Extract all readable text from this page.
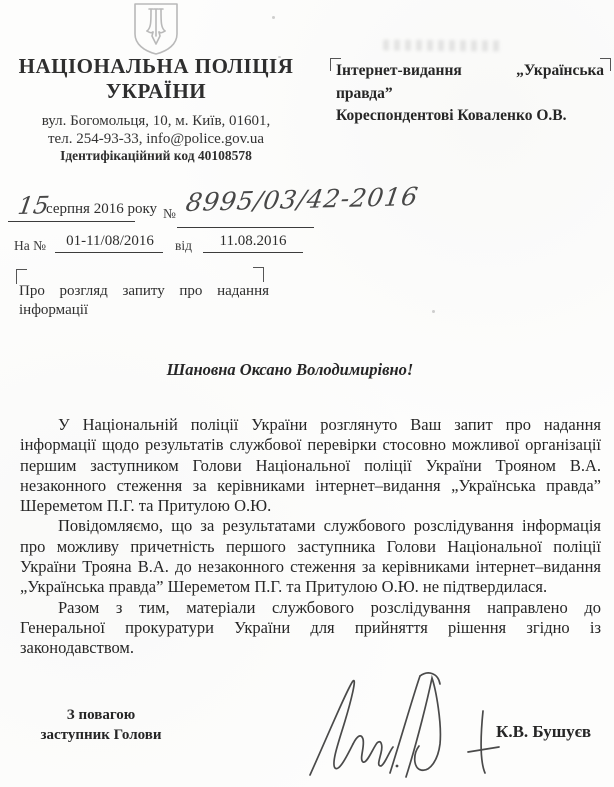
НАЦІОНАЛЬНА ПОЛІЦІЯ
УКРАЇНИ
вул. Богомольця, 10, м. Київ, 01601,
тел. 254-93-33, info@police.gov.ua
Ідентифікаційний код 40108578
Інтернет-видання	„Українська
правда”
Кореспондентові Коваленко О.В.
15
серпня 2016 року № 8995/03/42-2016
На №	01-11/08/2016	від	11.08.2016
Про розгляд запиту про надання інформації
Шановна Оксано Володимирівно!

У Національній поліції України розглянуто Ваш запит про надання інформації щодо результатів службової перевірки стосовно можливої організації першим заступником Голови Національної поліції України Трояном В.А. незаконного стеження за керівниками інтернет–видання „Українська правда” Шереметом П.Г. та Притулою О.Ю.

Повідомляємо, що за результатами службового розслідування інформація про можливу причетність першого заступника Голови Національної поліції України Трояна В.А. до незаконного стеження за керівниками інтернет–видання „Українська правда” Шереметом П.Г. та Притулою О.Ю. не підтвердилася.

Разом з тим, матеріали службового розслідування направлено до Генеральної прокуратури України для прийняття рішення згідно із законодавством.

З повагою
заступник Голови	К.В. Бушуєв
